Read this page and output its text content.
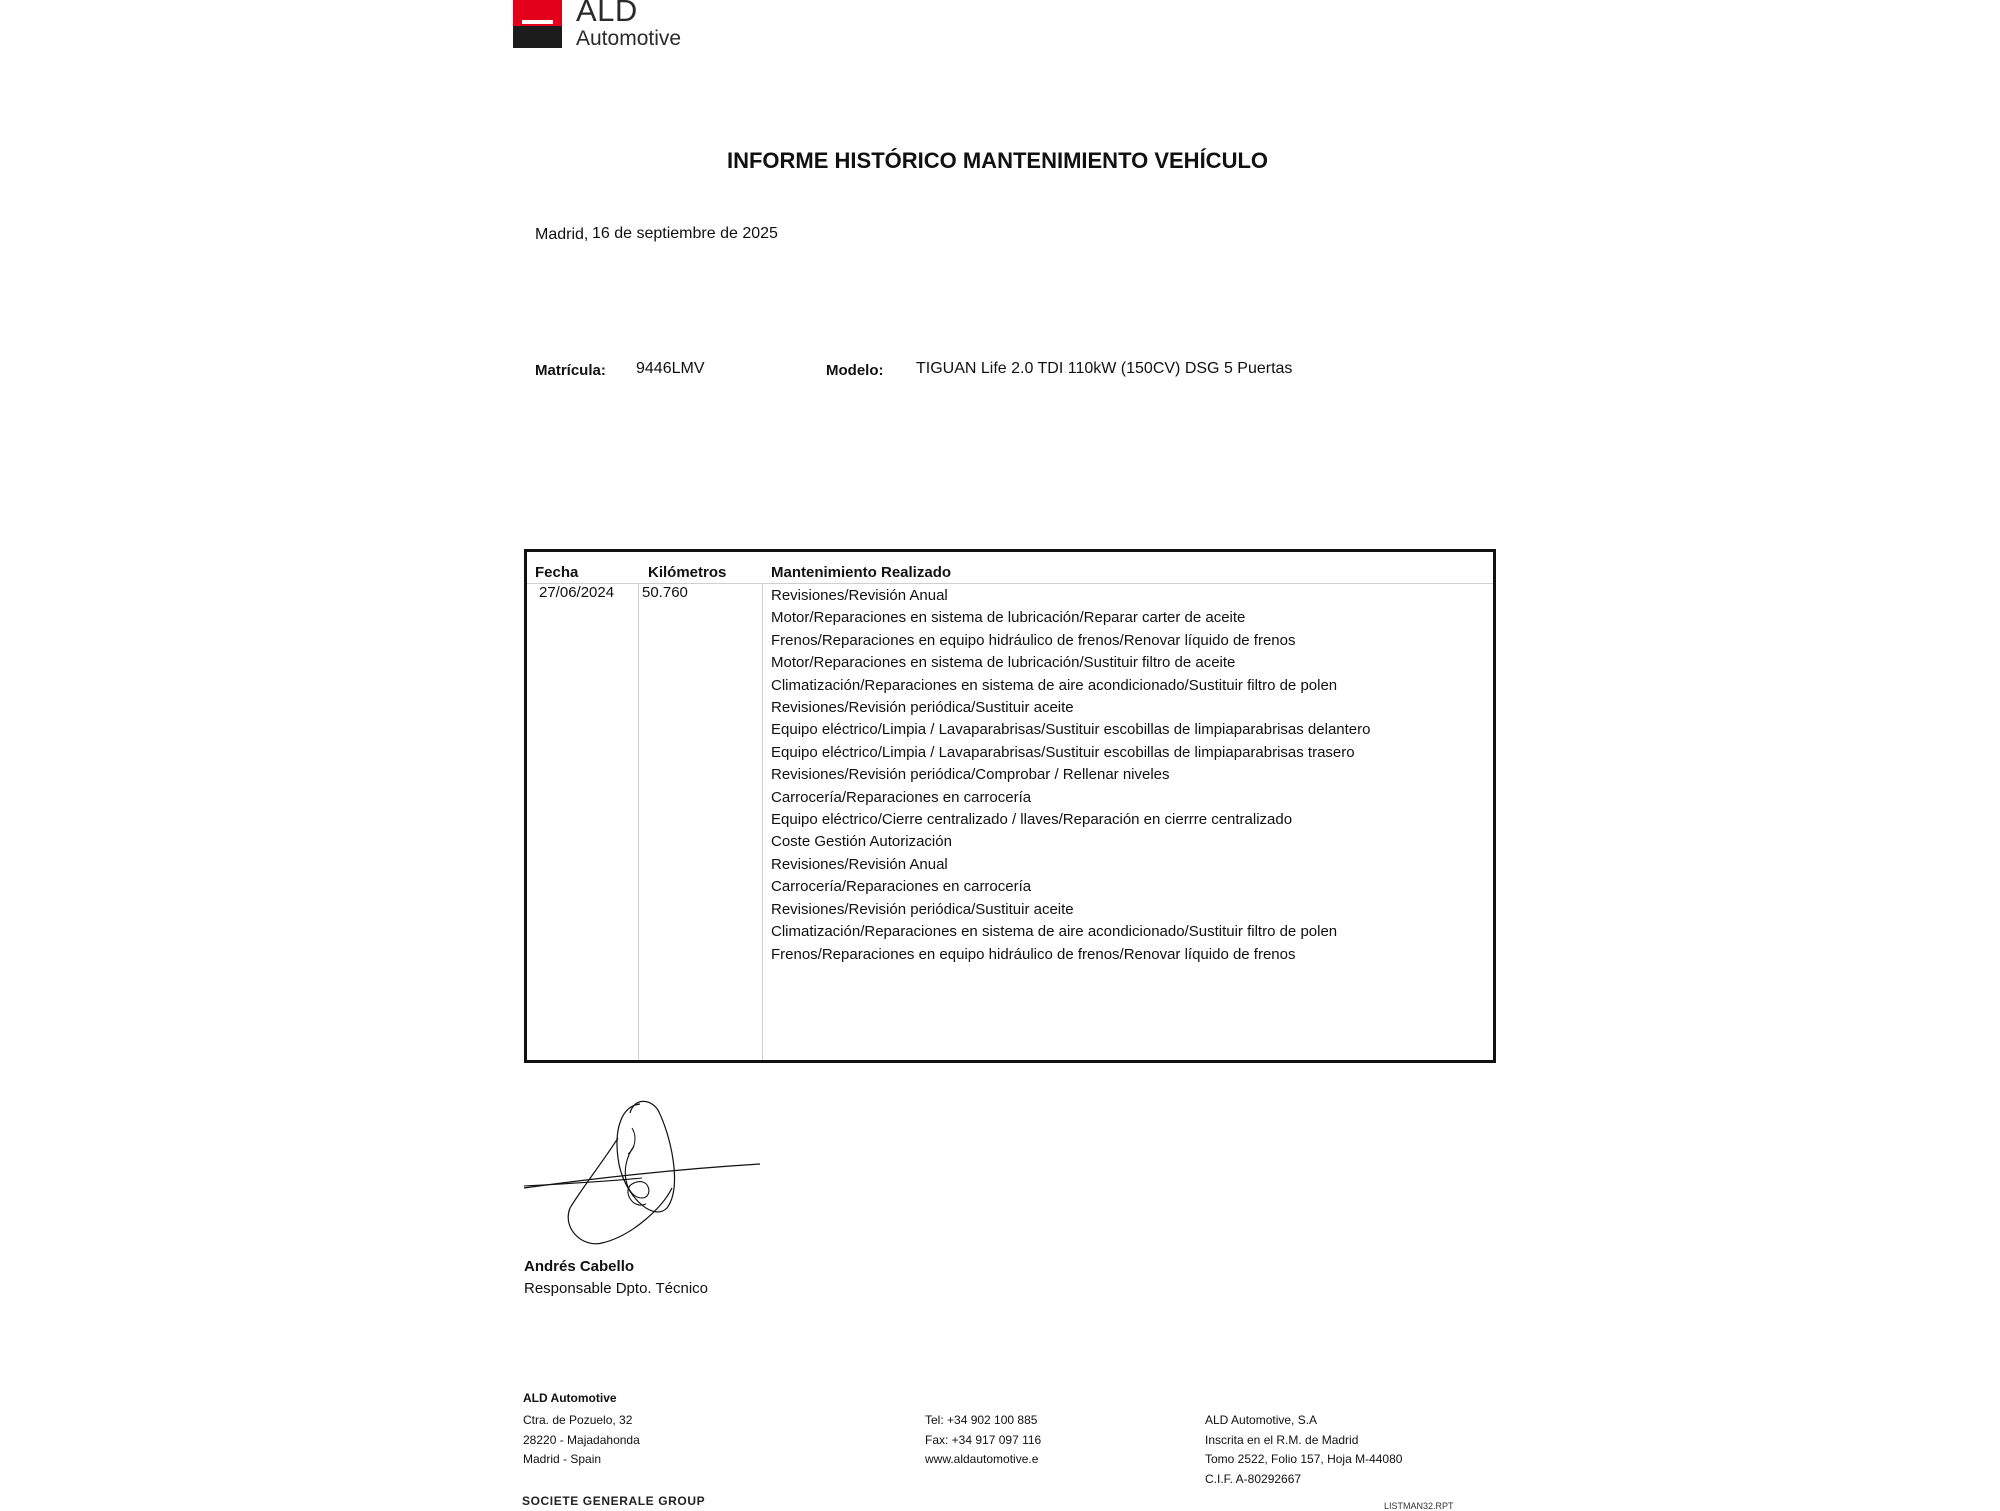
ALD
Automotive
INFORME HISTÓRICO MANTENIMIENTO VEHÍCULO
Madrid, 16 de septiembre de 2025
Matrícula: 9446LMV	Modelo: TIGUAN Life 2.0 TDI 110kW (150CV) DSG 5 Puertas
Fecha	Kilómetros	Mantenimiento Realizado
27/06/2024 50.760	Revisiones/Revisión Anual
Motor/Reparaciones en sistema de lubricación/Reparar carter de aceite
Frenos/Reparaciones en equipo hidráulico de frenos/Renovar líquido de frenos
Motor/Reparaciones en sistema de lubricación/Sustituir filtro de aceite
Climatización/Reparaciones en sistema de aire acondicionado/Sustituir filtro de polen
Revisiones/Revisión periódica/Sustituir aceite
Equipo eléctrico/Limpia / Lavaparabrisas/Sustituir escobillas de limpiaparabrisas delantero
Equipo eléctrico/Limpia / Lavaparabrisas/Sustituir escobillas de limpiaparabrisas trasero
Revisiones/Revisión periódica/Comprobar / Rellenar niveles
Carrocería/Reparaciones en carrocería
Equipo eléctrico/Cierre centralizado / llaves/Reparación en cierrre centralizado
Coste Gestión Autorización
Revisiones/Revisión Anual
Carrocería/Reparaciones en carrocería
Revisiones/Revisión periódica/Sustituir aceite
Climatización/Reparaciones en sistema de aire acondicionado/Sustituir filtro de polen
Frenos/Reparaciones en equipo hidráulico de frenos/Renovar líquido de frenos
Andrés Cabello
Responsable Dpto. Técnico
ALD Automotive
Ctra. de Pozuelo, 32
28220 - Majadahonda
Madrid - Spain
Tel: +34 902 100 885
Fax: +34 917 097 116
www.aldautomotive.e
ALD Automotive, S.A
Inscrita en el R.M. de Madrid
Tomo 2522, Folio 157, Hoja M-44080
C.I.F. A-80292667
SOCIETE GENERALE GROUP	LISTMAN32.RPT
